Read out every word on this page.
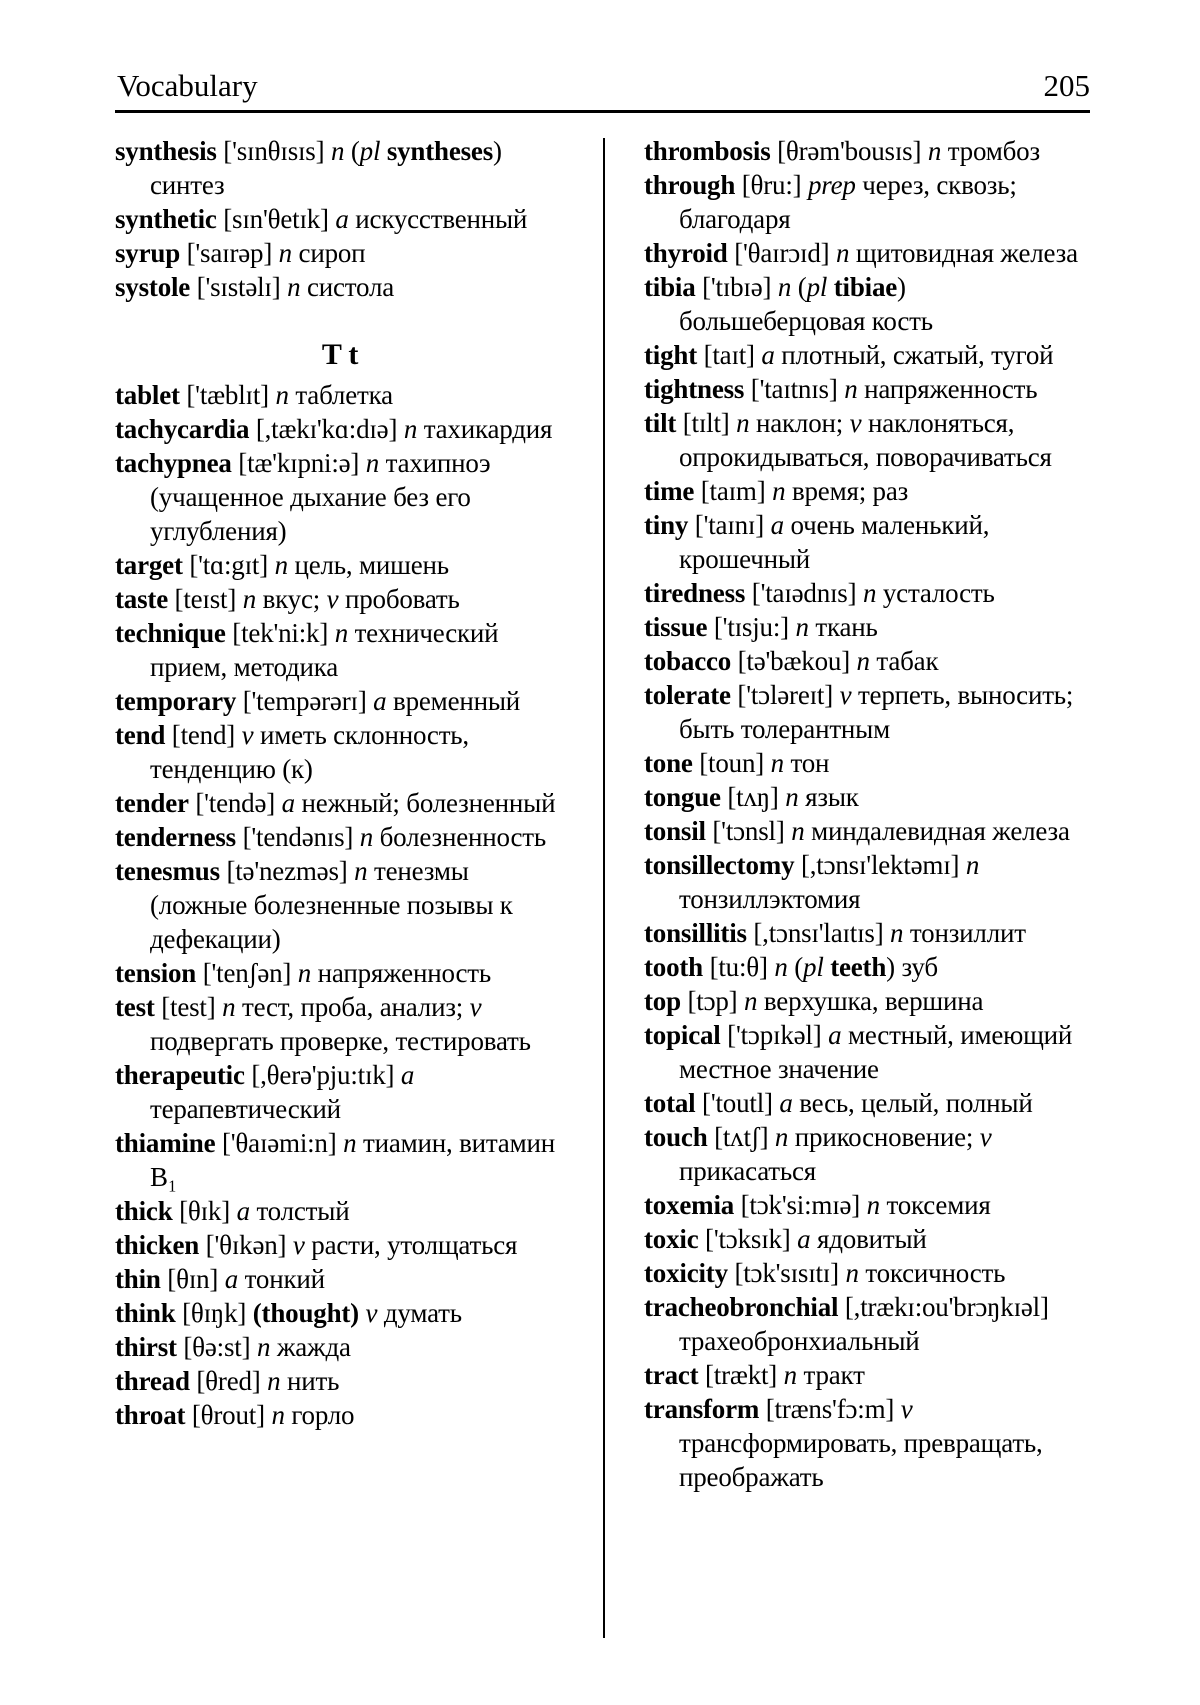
Vocabulary	205
synthesis ['sɪnθɪsɪs] n (pl syntheses) синтез
synthetic [sɪn'θetɪk] a искусственный
syrup ['saɪrəp] n сироп
systole ['sɪstəlɪ] n систола
T t
tablet ['tæblɪt] n таблетка
tachycardia [,tækɪ'kɑ:dɪə] n тахикардия
tachypnea [tæ'kɪpni:ə] n тахипноэ (учащенное дыхание без его углубления)
target ['tɑ:gɪt] n цель, мишень
taste [teɪst] n вкус; v пробовать
technique [tek'ni:k] n технический прием, методика
temporary ['tempərərɪ] a временный
tend [tend] v иметь склонность, тенденцию (к)
tender ['tendə] a нежный; болезненный
tenderness ['tendənɪs] n болезненность
tenesmus [tə'nezməs] n тенезмы (ложные болезненные позывы к дефекации)
tension ['tenʃən] n напряженность
test [test] n тест, проба, анализ; v подвергать проверке, тестировать
therapeutic [,θerə'pju:tɪk] a терапевтический
thiamine ['θaɪəmi:n] n тиамин, витамин B₁
thick [θɪk] a толстый
thicken ['θɪkən] v расти, утолщаться
thin [θɪn] a тонкий
think [θɪŋk] (thought) v думать
thirst [θə:st] n жажда
thread [θred] n нить
throat [θrout] n горло
thrombosis [θrəm'bousɪs] n тромбоз
through [θru:] prep через, сквозь; благодаря
thyroid ['θaɪrɔɪd] n щитовидная железа
tibia ['tɪbɪə] n (pl tibiae) большеберцовая кость
tight [taɪt] a плотный, сжатый, тугой
tightness ['taɪtnɪs] n напряженность
tilt [tɪlt] n наклон; v наклоняться, опрокидываться, поворачиваться
time [taɪm] n время; раз
tiny ['taɪnɪ] a очень маленький, крошечный
tiredness ['taɪədnɪs] n усталость
tissue ['tɪsju:] n ткань
tobacco [tə'bækou] n табак
tolerate ['tɔləreɪt] v терпеть, выносить; быть толерантным
tone [toun] n тон
tongue [tʌŋ] n язык
tonsil ['tɔnsl] n миндалевидная железа
tonsillectomy [,tɔnsɪ'lektəmɪ] n тонзиллэктомия
tonsillitis [,tɔnsɪ'laɪtɪs] n тонзиллит
tooth [tu:θ] n (pl teeth) зуб
top [tɔp] n верхушка, вершина
topical ['tɔpɪkəl] a местный, имеющий местное значение
total ['toutl] a весь, целый, полный
touch [tʌtʃ] n прикосновение; v прикасаться
toxemia [tɔk'si:mɪə] n токсемия
toxic ['tɔksɪk] a ядовитый
toxicity [tɔk'sɪsɪtɪ] n токсичность
tracheobronchial [,trækɪ:ou'brɔŋkɪəl] трахеобронхиальный
tract [trækt] n тракт
transform [træns'fɔ:m] v трансформировать, превращать, преображать
